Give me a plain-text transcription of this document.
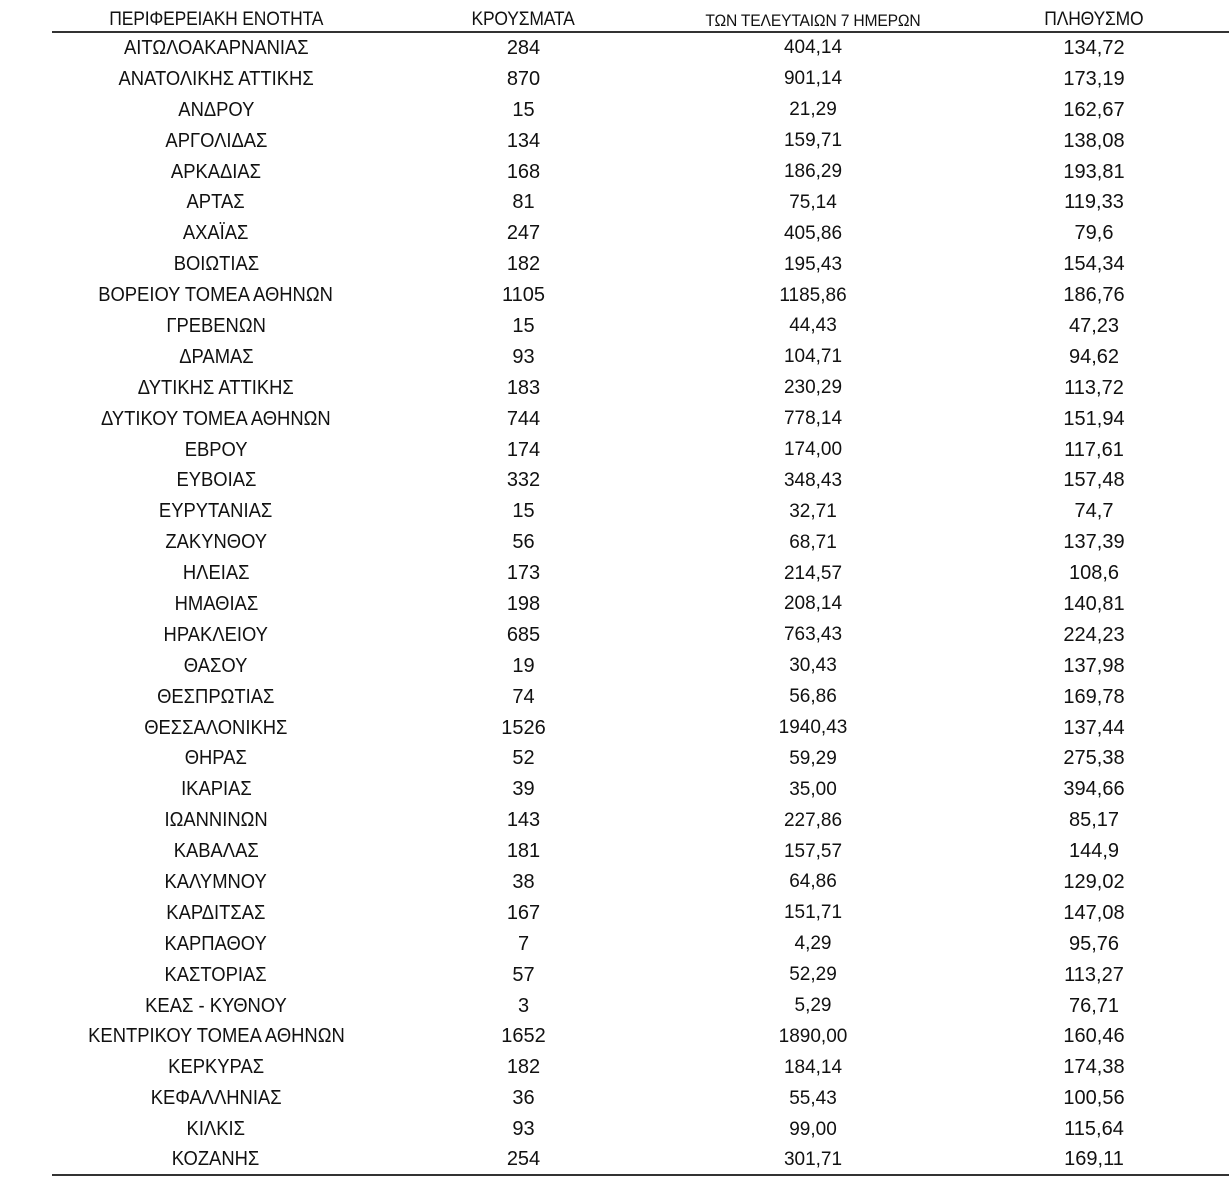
ΠΕΡΙΦΕΡΕΙΑΚΗ ΕΝΟΤΗΤΑ	ΚΡΟΥΣΜΑΤΑ	ΤΩΝ ΤΕΛΕΥΤΑΙΩΝ 7 ΗΜΕΡΩΝ	ΠΛΗΘΥΣΜΟ
ΑΙΤΩΛΟΑΚΑΡΝΑΝΙΑΣ	284	404,14	134,72
ΑΝΑΤΟΛΙΚΗΣ ΑΤΤΙΚΗΣ	870	901,14	173,19
ΑΝΔΡΟΥ	15	21,29	162,67
ΑΡΓΟΛΙΔΑΣ	134	159,71	138,08
ΑΡΚΑΔΙΑΣ	168	186,29	193,81
ΑΡΤΑΣ	81	75,14	119,33
ΑΧΑΪΑΣ	247	405,86	79,6
ΒΟΙΩΤΙΑΣ	182	195,43	154,34
ΒΟΡΕΙΟΥ ΤΟΜΕΑ ΑΘΗΝΩΝ	1105	1185,86	186,76
ΓΡΕΒΕΝΩΝ	15	44,43	47,23
ΔΡΑΜΑΣ	93	104,71	94,62
ΔΥΤΙΚΗΣ ΑΤΤΙΚΗΣ	183	230,29	113,72
ΔΥΤΙΚΟΥ ΤΟΜΕΑ ΑΘΗΝΩΝ	744	778,14	151,94
ΕΒΡΟΥ	174	174,00	117,61
ΕΥΒΟΙΑΣ	332	348,43	157,48
ΕΥΡΥΤΑΝΙΑΣ	15	32,71	74,7
ΖΑΚΥΝΘΟΥ	56	68,71	137,39
ΗΛΕΙΑΣ	173	214,57	108,6
ΗΜΑΘΙΑΣ	198	208,14	140,81
ΗΡΑΚΛΕΙΟΥ	685	763,43	224,23
ΘΑΣΟΥ	19	30,43	137,98
ΘΕΣΠΡΩΤΙΑΣ	74	56,86	169,78
ΘΕΣΣΑΛΟΝΙΚΗΣ	1526	1940,43	137,44
ΘΗΡΑΣ	52	59,29	275,38
ΙΚΑΡΙΑΣ	39	35,00	394,66
ΙΩΑΝΝΙΝΩΝ	143	227,86	85,17
ΚΑΒΑΛΑΣ	181	157,57	144,9
ΚΑΛΥΜΝΟΥ	38	64,86	129,02
ΚΑΡΔΙΤΣΑΣ	167	151,71	147,08
ΚΑΡΠΑΘΟΥ	7	4,29	95,76
ΚΑΣΤΟΡΙΑΣ	57	52,29	113,27
ΚΕΑΣ - ΚΥΘΝΟΥ	3	5,29	76,71
ΚΕΝΤΡΙΚΟΥ ΤΟΜΕΑ ΑΘΗΝΩΝ	1652	1890,00	160,46
ΚΕΡΚΥΡΑΣ	182	184,14	174,38
ΚΕΦΑΛΛΗΝΙΑΣ	36	55,43	100,56
ΚΙΛΚΙΣ	93	99,00	115,64
ΚΟΖΑΝΗΣ	254	301,71	169,11
